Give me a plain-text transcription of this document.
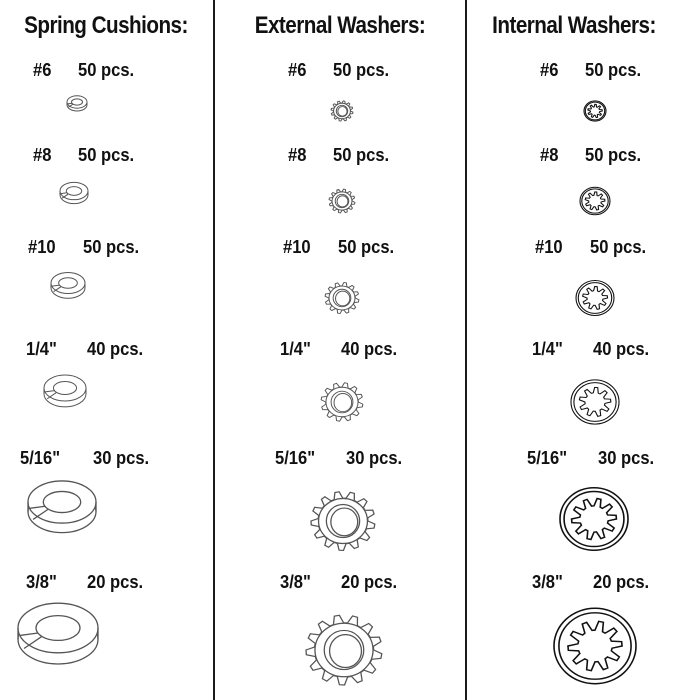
Spring Cushions:
#6 50 pcs.
#8 50 pcs.
#10 50 pcs.
1/4" 40 pcs.
5/16" 30 pcs.
3/8" 20 pcs.
External Washers:
#6 50 pcs.
#8 50 pcs.
#10 50 pcs.
1/4" 40 pcs.
5/16" 30 pcs.
3/8" 20 pcs.
Internal Washers:
#6 50 pcs.
#8 50 pcs.
#10 50 pcs.
1/4" 40 pcs.
5/16" 30 pcs.
3/8" 20 pcs.
